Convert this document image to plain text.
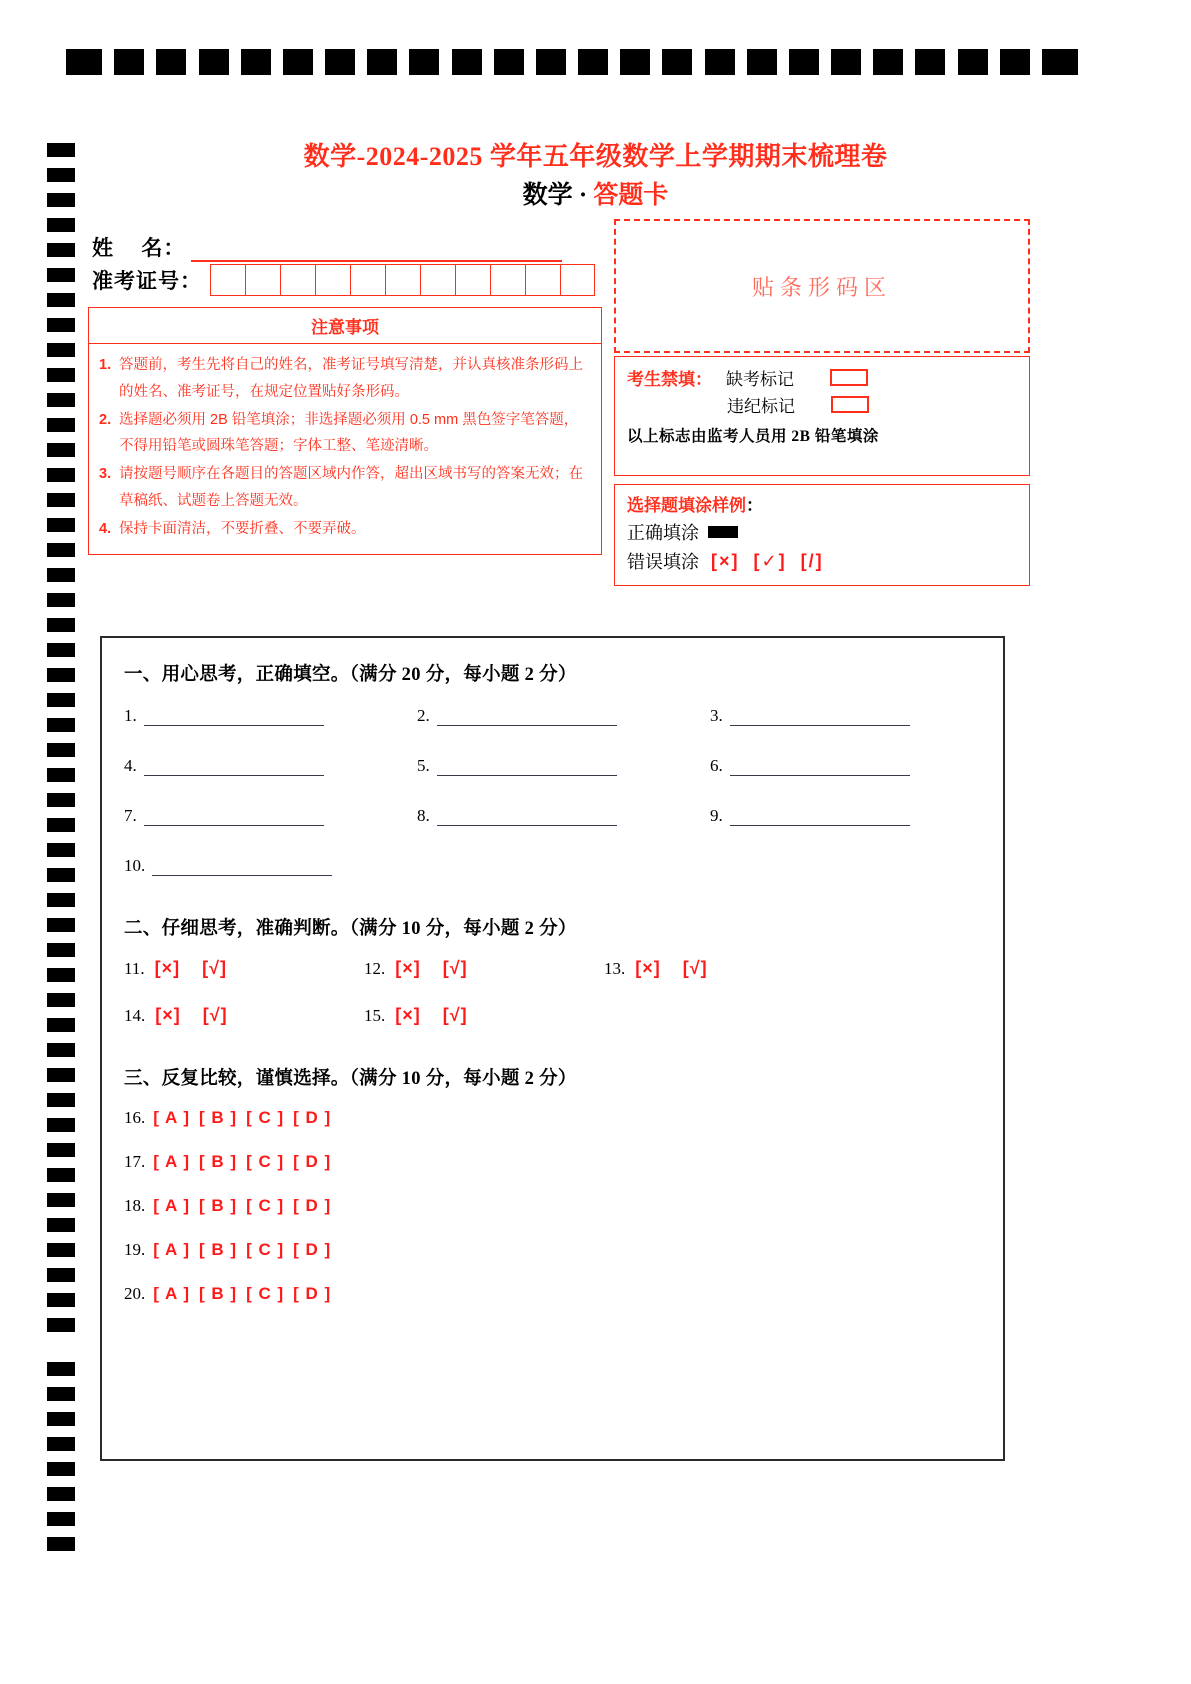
数学-2024-2025 学年五年级数学上学期期末梳理卷
数学 · 答题卡
姓    名：
准考证号：
注意事项
1. 答题前，考生先将自己的姓名，准考证号填写清楚，并认真核准条形码上的姓名、准考证号，在规定位置贴好条形码。
2. 选择题必须用 2B 铅笔填涂；非选择题必须用 0.5 mm 黑色签字笔答题，不得用铅笔或圆珠笔答题；字体工整、笔迹清晰。
3. 请按题号顺序在各题目的答题区域内作答，超出区域书写的答案无效；在草稿纸、试题卷上答题无效。
4. 保持卡面清洁，不要折叠、不要弄破。
贴条形码区
考生禁填： 缺考标记
违纪标记
以上标志由监考人员用 2B 铅笔填涂
选择题填涂样例：
正确填涂
错误填涂 [×] [✓] [/]
一、用心思考，正确填空。（满分 20 分，每小题 2 分）
1.	2.	3.
4.	5.	6.
7.	8.	9.
10.
二、仔细思考，准确判断。（满分 10 分，每小题 2 分）
11. [×] [√]	12. [×] [√]	13. [×] [√]
14. [×] [√]	15. [×] [√]
三、反复比较，谨慎选择。（满分 10 分，每小题 2 分）
16. [ A ] [ B ] [ C ] [ D ]
17. [ A ] [ B ] [ C ] [ D ]
18. [ A ] [ B ] [ C ] [ D ]
19. [ A ] [ B ] [ C ] [ D ]
20. [ A ] [ B ] [ C ] [ D ]
